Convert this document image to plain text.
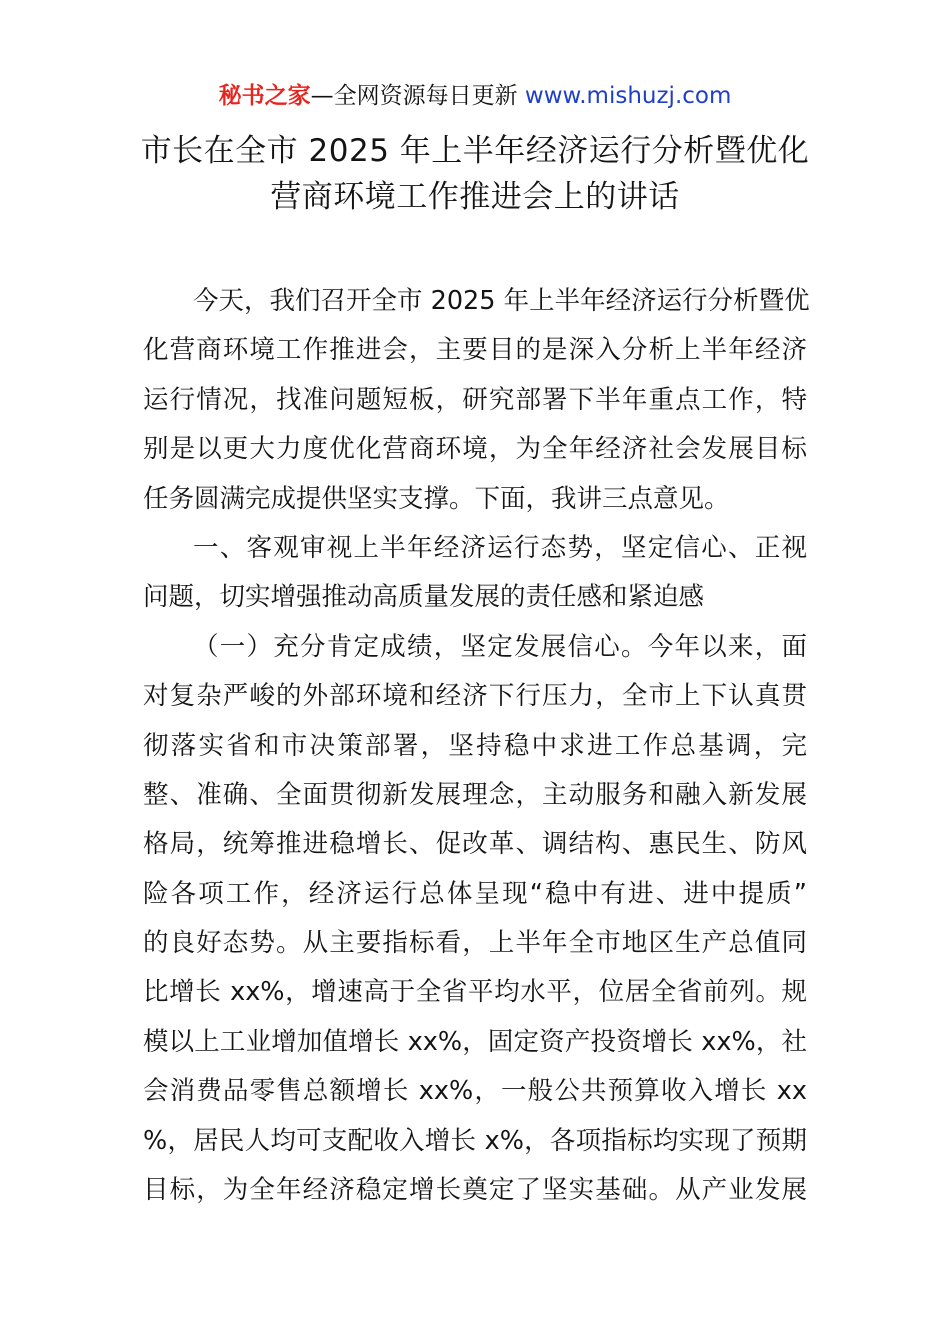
秘书之家—全网资源每日更新 www.mishuzj.com
市长在全市 2025 年上半年经济运行分析暨优化
营商环境工作推进会上的讲话
今天，我们召开全市 2025 年上半年经济运行分析暨优
化营商环境工作推进会，主要目的是深入分析上半年经济
运行情况，找准问题短板，研究部署下半年重点工作，特
别是以更大力度优化营商环境，为全年经济社会发展目标
任务圆满完成提供坚实支撑。下面，我讲三点意见。
一、客观审视上半年经济运行态势，坚定信心、正视
问题，切实增强推动高质量发展的责任感和紧迫感
（一）充分肯定成绩，坚定发展信心。今年以来，面
对复杂严峻的外部环境和经济下行压力，全市上下认真贯
彻落实省和市决策部署，坚持稳中求进工作总基调，完
整、准确、全面贯彻新发展理念，主动服务和融入新发展
格局，统筹推进稳增长、促改革、调结构、惠民生、防风
险各项工作，经济运行总体呈现“稳中有进、进中提质”
的良好态势。从主要指标看，上半年全市地区生产总值同
比增长 xx%，增速高于全省平均水平，位居全省前列。规
模以上工业增加值增长 xx%，固定资产投资增长 xx%，社
会消费品零售总额增长 xx%，一般公共预算收入增长 xx
%，居民人均可支配收入增长 x%，各项指标均实现了预期
目标，为全年经济稳定增长奠定了坚实基础。从产业发展
